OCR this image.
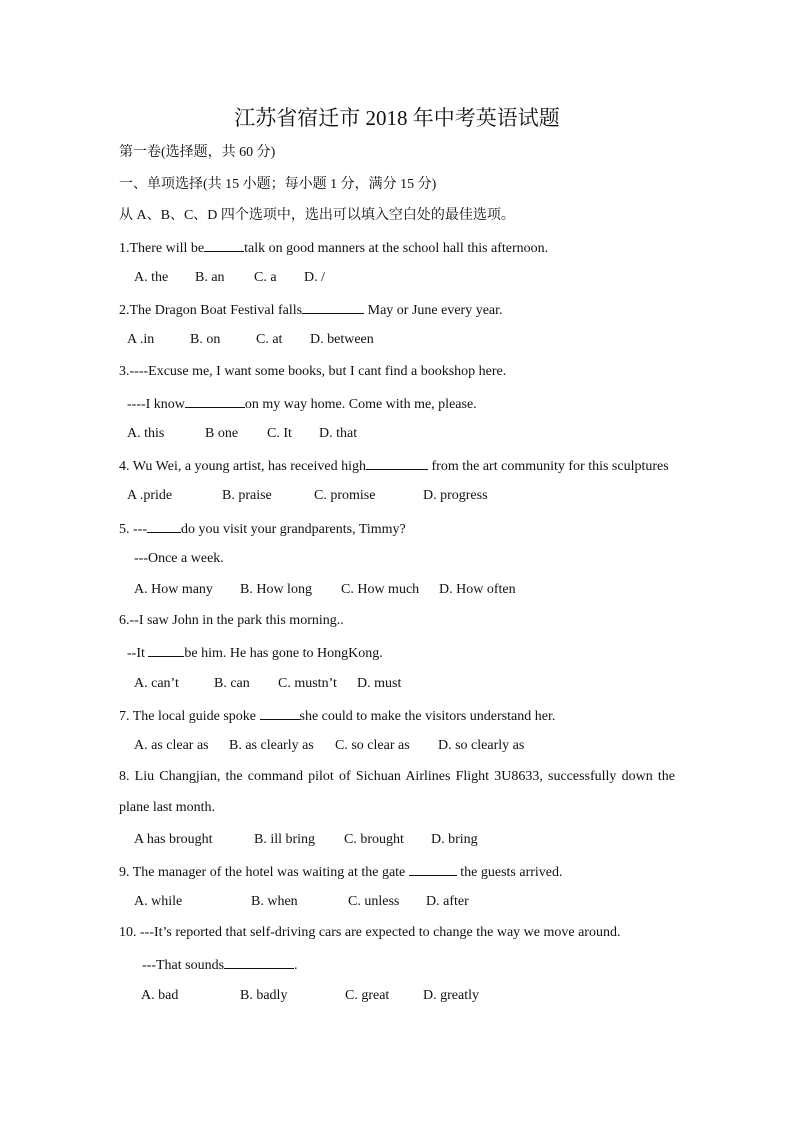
江苏省宿迁市 2018 年中考英语试题
第一卷(选择题，共 60 分)
一、单项选择(共 15 小题；每小题 1 分，满分 15 分)
从 A、B、C、D 四个选项中，选出可以填入空白处的最佳选项。
1.There will be	talk on good manners at the school hall this afternoon.
A. the B. an C. a D. /
2.The Dragon Boat Festival falls	May or June every year.
A .in	B. on	C. at D. between
3.----Excuse me, I want some books, but I cant find a bookshop here.
----I know	on my way home. Come with me, please.
A. this	B one C. It D. that
4. Wu Wei, a young artist, has received high	from the art community for this sculptures
A .pride	B. praise	C. promise	D. progress
5. --- do you visit your grandparents, Timmy?
---Once a week.
A. How many B. How long C. How much D. How often
6.--I saw John in the park this morning..
--It	be him. He has gone to HongKong.
A. can’t	B. can C. mustn’t D. must
7. The local guide spoke	she could to make the visitors understand her.
A. as clear as B. as clearly as C. so clear as D. so clearly as
8. Liu Changjian, the command pilot of Sichuan Airlines Flight 3U8633, successfully down the
plane last month.
A has brought	B. ill bring C. brought D. bring
9. The manager of the hotel was waiting at the gate	the guests arrived.
A. while	B. when	C. unless D. after
10. ---It’s reported that self-driving cars are expected to change the way we move around.
---That sounds	.
A. bad	B. badly	C. great D. greatly
